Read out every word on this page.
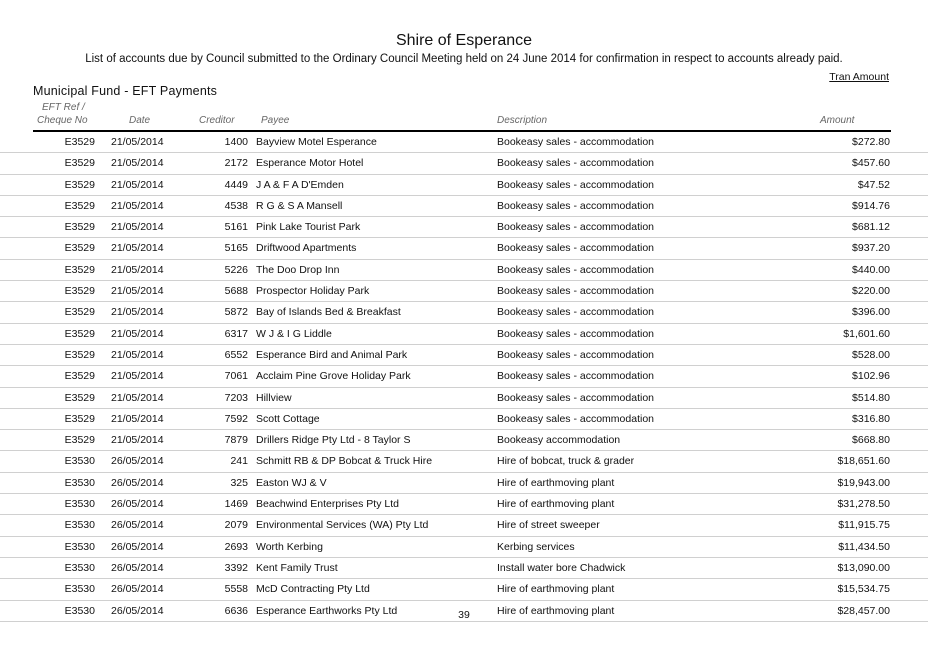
Shire of Esperance
List of accounts due by Council submitted to the Ordinary Council Meeting held on 24 June 2014 for confirmation in respect to accounts already paid.
Tran Amount
Municipal Fund - EFT Payments
EFT Ref /
Cheque No	Date	Creditor	Payee	Description	Amount
E3529 21/05/2014	1400 Bayview Motel Esperance	Bookeasy sales - accommodation	$272.80
E3529 21/05/2014	2172 Esperance Motor Hotel	Bookeasy sales - accommodation	$457.60
E3529 21/05/2014	4449 J A & F A D'Emden	Bookeasy sales - accommodation	$47.52
E3529 21/05/2014	4538 R G & S A Mansell	Bookeasy sales - accommodation	$914.76
E3529 21/05/2014	5161 Pink Lake Tourist Park	Bookeasy sales - accommodation	$681.12
E3529 21/05/2014	5165 Driftwood Apartments	Bookeasy sales - accommodation	$937.20
E3529 21/05/2014	5226 The Doo Drop Inn	Bookeasy sales - accommodation	$440.00
E3529 21/05/2014	5688 Prospector Holiday Park	Bookeasy sales - accommodation	$220.00
E3529 21/05/2014	5872 Bay of Islands Bed & Breakfast	Bookeasy sales - accommodation	$396.00
E3529 21/05/2014	6317 W J & I G Liddle	Bookeasy sales - accommodation	$1,601.60
E3529 21/05/2014	6552 Esperance Bird and Animal Park	Bookeasy sales - accommodation	$528.00
E3529 21/05/2014	7061 Acclaim Pine Grove Holiday Park	Bookeasy sales - accommodation	$102.96
E3529 21/05/2014	7203 Hillview	Bookeasy sales - accommodation	$514.80
E3529 21/05/2014	7592 Scott Cottage	Bookeasy sales - accommodation	$316.80
E3529 21/05/2014	7879 Drillers Ridge Pty Ltd - 8 Taylor S	Bookeasy accommodation	$668.80
E3530 26/05/2014	241 Schmitt RB & DP Bobcat & Truck Hire	Hire of bobcat, truck & grader	$18,651.60
E3530 26/05/2014	325 Easton WJ & V	Hire of earthmoving plant	$19,943.00
E3530 26/05/2014	1469 Beachwind Enterprises Pty Ltd	Hire of earthmoving plant	$31,278.50
E3530 26/05/2014	2079 Environmental Services (WA) Pty Ltd	Hire of street sweeper	$11,915.75
E3530 26/05/2014	2693 Worth Kerbing	Kerbing services	$11,434.50
E3530 26/05/2014	3392 Kent Family Trust	Install water bore Chadwick	$13,090.00
E3530 26/05/2014	5558 McD Contracting Pty Ltd	Hire of earthmoving plant	$15,534.75
E3530 26/05/2014	6636 Esperance Earthworks Pty Ltd	Hire of earthmoving plant	$28,457.00
39
